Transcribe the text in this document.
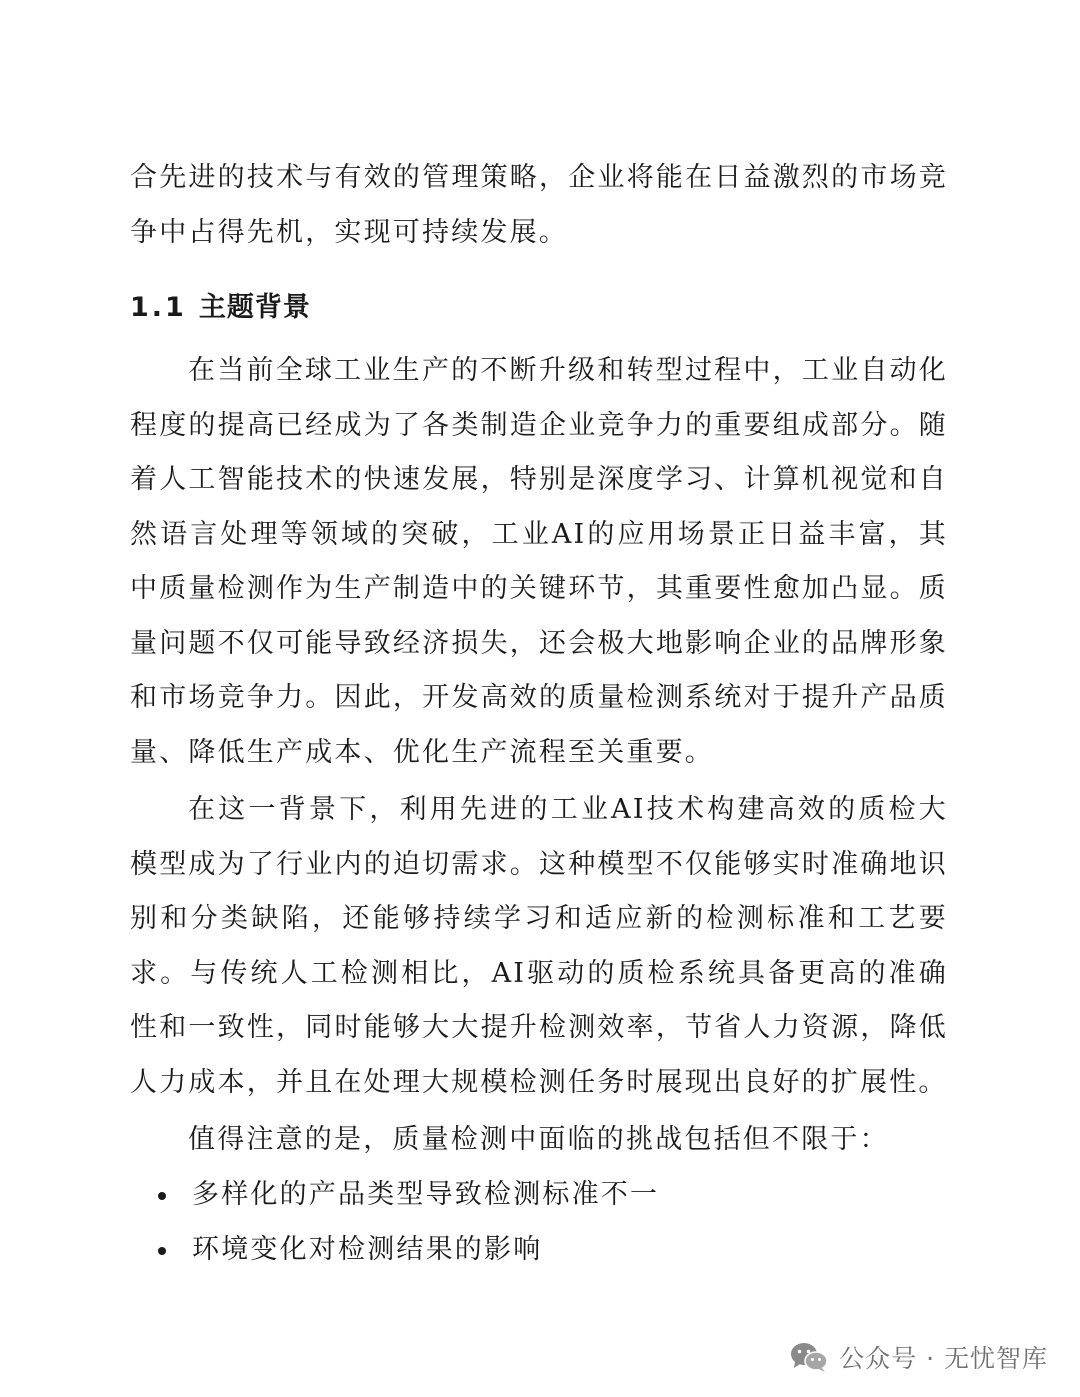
合先进的技术与有效的管理策略，企业将能在日益激烈的市场竞争中占得先机，实现可持续发展。

1.1 主题背景

在当前全球工业生产的不断升级和转型过程中，工业自动化程度的提高已经成为了各类制造企业竞争力的重要组成部分。随着人工智能技术的快速发展，特别是深度学习、计算机视觉和自然语言处理等领域的突破，工业AI的应用场景正日益丰富，其中质量检测作为生产制造中的关键环节，其重要性愈加凸显。质量问题不仅可能导致经济损失，还会极大地影响企业的品牌形象和市场竞争力。因此，开发高效的质量检测系统对于提升产品质量、降低生产成本、优化生产流程至关重要。

在这一背景下，利用先进的工业AI技术构建高效的质检大模型成为了行业内的迫切需求。这种模型不仅能够实时准确地识别和分类缺陷，还能够持续学习和适应新的检测标准和工艺要求。与传统人工检测相比，AI驱动的质检系统具备更高的准确性和一致性，同时能够大大提升检测效率，节省人力资源，降低人力成本，并且在处理大规模检测任务时展现出良好的扩展性。

值得注意的是，质量检测中面临的挑战包括但不限于：

多样化的产品类型导致检测标准不一
环境变化对检测结果的影响
公众号 · 无忧智库
